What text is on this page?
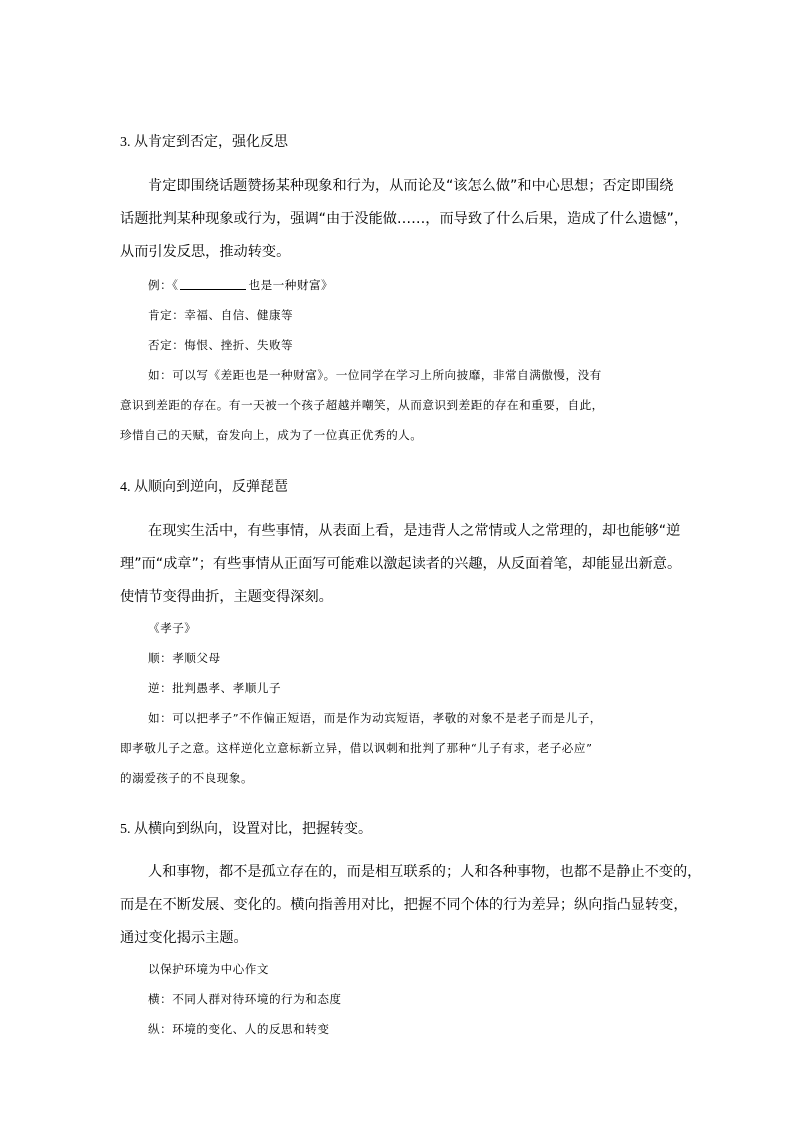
3. 从肯定到否定，强化反思
肯定即围绕话题赞扬某种现象和行为，从而论及“该怎么做”和中心思想；否定即围绕
话题批判某种现象或行为，强调“由于没能做……，而导致了什么后果，造成了什么遗憾”，
从而引发反思，推动转变。
例：《	也是一种财富》
肯定：幸福、自信、健康等
否定：悔恨、挫折、失败等
如：可以写《差距也是一种财富》。一位同学在学习上所向披靡，非常自满傲慢，没有
意识到差距的存在。有一天被一个孩子超越并嘲笑，从而意识到差距的存在和重要，自此，
珍惜自己的天赋，奋发向上，成为了一位真正优秀的人。
4. 从顺向到逆向，反弹琵琶
在现实生活中，有些事情，从表面上看，是违背人之常情或人之常理的，却也能够“逆
理”而“成章”；有些事情从正面写可能难以激起读者的兴趣，从反面着笔，却能显出新意。
使情节变得曲折，主题变得深刻。
《孝子》
顺：孝顺父母
逆：批判愚孝、孝顺儿子
如：可以把孝子”不作偏正短语，而是作为动宾短语，孝敬的对象不是老子而是儿子，
即孝敬儿子之意。这样逆化立意标新立异，借以讽刺和批判了那种“儿子有求，老子必应”
的溺爱孩子的不良现象。
5. 从横向到纵向，设置对比，把握转变。
人和事物，都不是孤立存在的，而是相互联系的；人和各种事物，也都不是静止不变的，
而是在不断发展、变化的。横向指善用对比，把握不同个体的行为差异；纵向指凸显转变，
通过变化揭示主题。
以保护环境为中心作文
横：不同人群对待环境的行为和态度
纵：环境的变化、人的反思和转变
